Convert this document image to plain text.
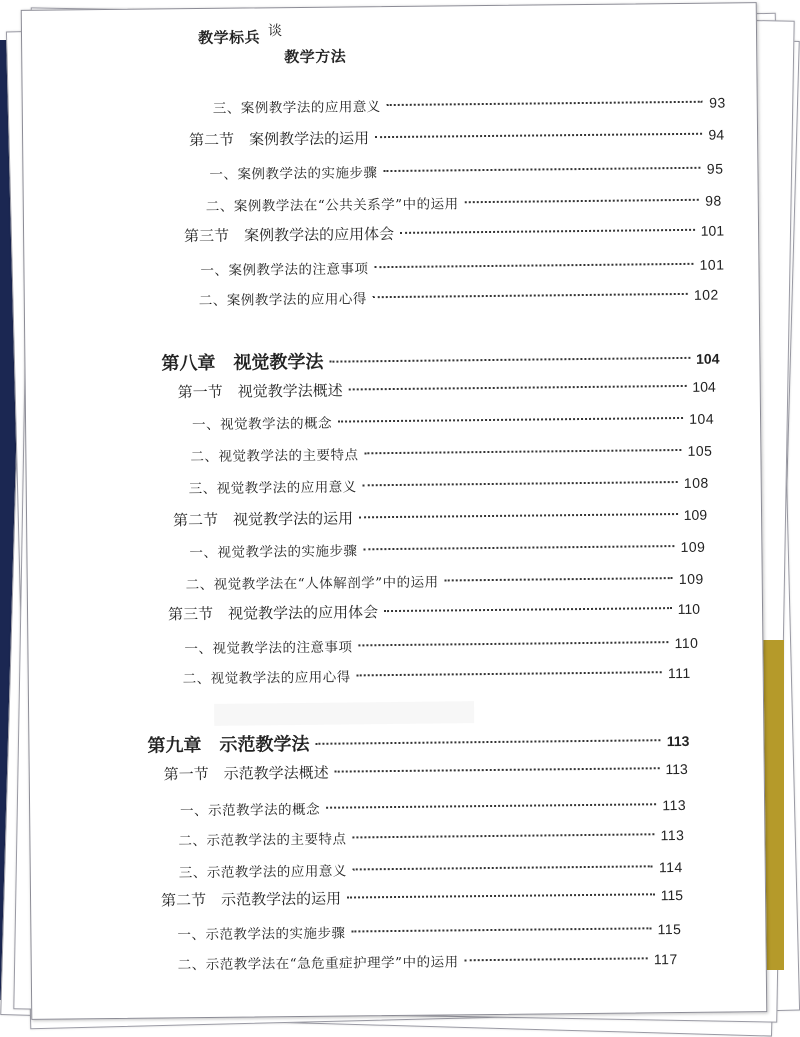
教学标兵 谈
教学方法
三、案例教学法的应用意义	93
第二节　案例教学法的运用	94
一、案例教学法的实施步骤	95
二、案例教学法在“公共关系学”中的运用	98
第三节　案例教学法的应用体会	101
一、案例教学法的注意事项	101
二、案例教学法的应用心得	102
第八章　视觉教学法	104
第一节　视觉教学法概述	104
一、视觉教学法的概念	104
二、视觉教学法的主要特点	105
三、视觉教学法的应用意义	108
第二节　视觉教学法的运用	109
一、视觉教学法的实施步骤	109
二、视觉教学法在“人体解剖学”中的运用	109
第三节　视觉教学法的应用体会	110
一、视觉教学法的注意事项	110
二、视觉教学法的应用心得	111
第九章　示范教学法	113
第一节　示范教学法概述	113
一、示范教学法的概念	113
二、示范教学法的主要特点	113
三、示范教学法的应用意义	114
第二节　示范教学法的运用	115
一、示范教学法的实施步骤	115
二、示范教学法在“急危重症护理学”中的运用	117
